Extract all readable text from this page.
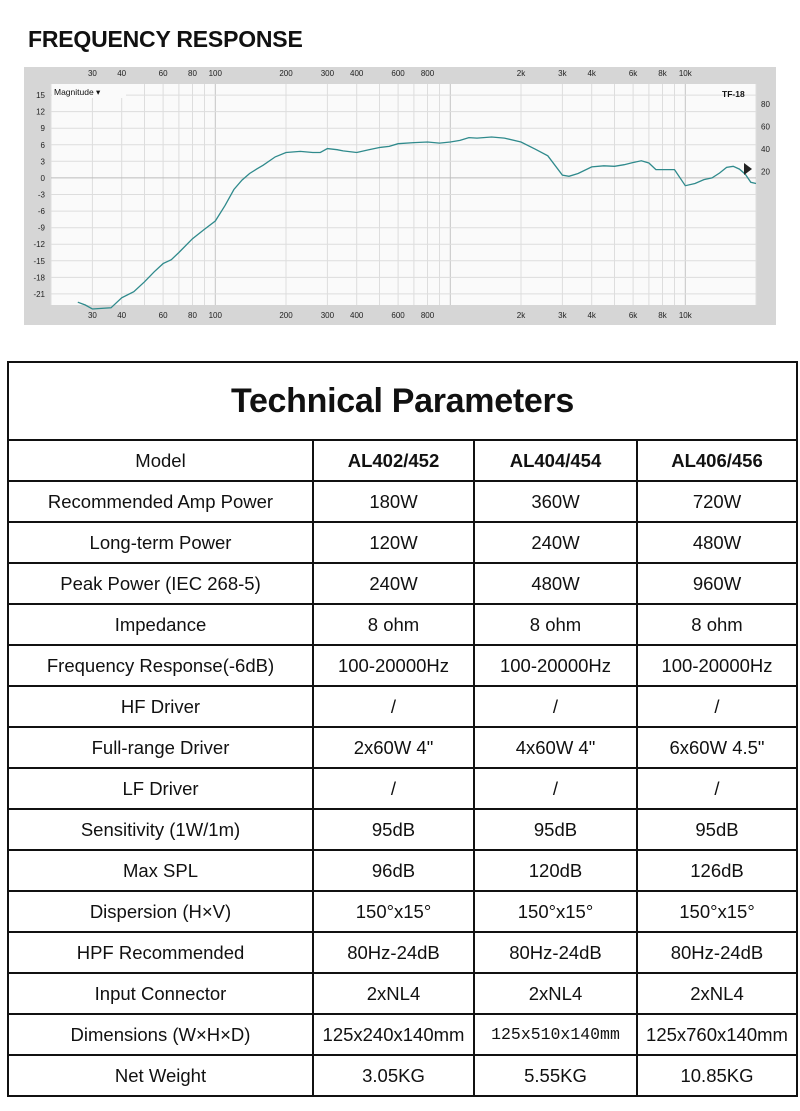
FREQUENCY RESPONSE
30	40	60	80 100	200	300 400	600 800	2k	3k	4k	6k	8k 10k
30	40	60	80 100	200	300 400	600 800	2k	3k	4k	6k	8k 10k
15
12
9
6
3
0
-3
-6
-9
-12
-15
-18
-21
80
60
40
20
Magnitude ▾	TF-18
Technical Parameters			
Model	AL402/452	AL404/454	AL406/456
Recommended Amp Power	180W	360W	720W
Long-term Power	120W	240W	480W
Peak Power (IEC 268-5)	240W	480W	960W
Impedance	8 ohm	8 ohm	8 ohm
Frequency Response(-6dB)	100-20000Hz	100-20000Hz	100-20000Hz
HF Driver	/	/	/
Full-range Driver	2x60W 4"	4x60W 4"	6x60W 4.5"
LF Driver	/	/	/
Sensitivity (1W/1m)	95dB	95dB	95dB
Max SPL	96dB	120dB	126dB
Dispersion (H×V)	150°x15°	150°x15°	150°x15°
HPF Recommended	80Hz-24dB	80Hz-24dB	80Hz-24dB
Input Connector	2xNL4	2xNL4	2xNL4
Dimensions (W×H×D)	125x240x140mm	125x510x140mm	125x760x140mm
Net Weight	3.05KG	5.55KG	10.85KG
